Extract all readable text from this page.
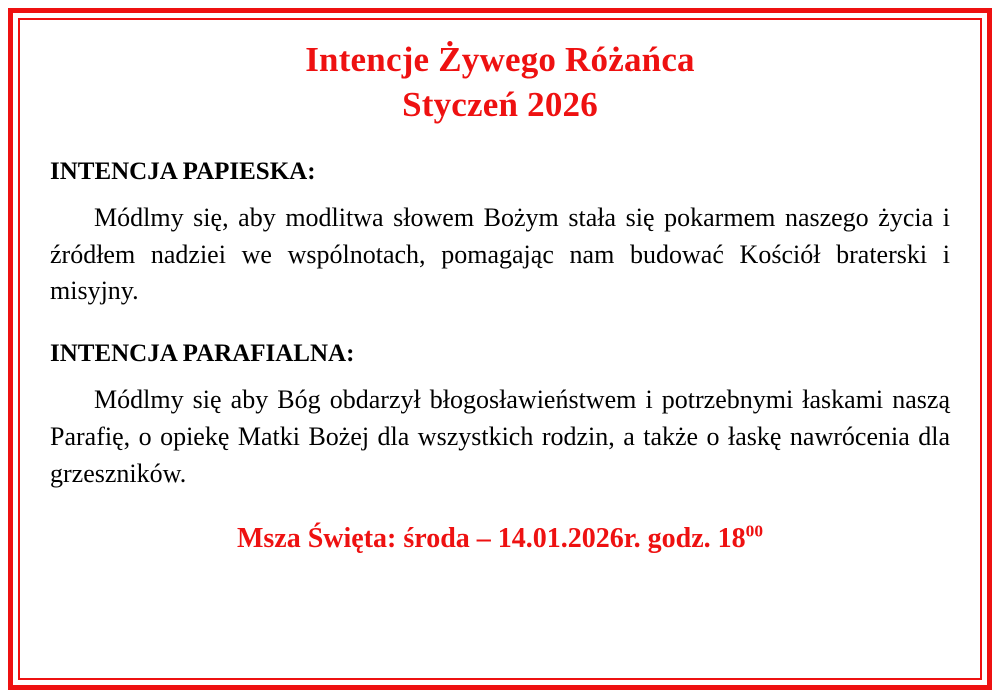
Intencje Żywego Różańca
Styczeń 2026
INTENCJA PAPIESKA:

Módlmy się, aby modlitwa słowem Bożym stała się pokarmem naszego życia i źródłem nadziei we wspólnotach, pomagając nam budować Kościół braterski i misyjny.

INTENCJA PARAFIALNA:

Módlmy się aby Bóg obdarzył błogosławieństwem i potrzebnymi łaskami naszą Parafię, o opiekę Matki Bożej dla wszystkich rodzin, a także o łaskę nawrócenia dla grzeszników.

Msza Święta: środa – 14.01.2026r. godz. $18^{00}$
